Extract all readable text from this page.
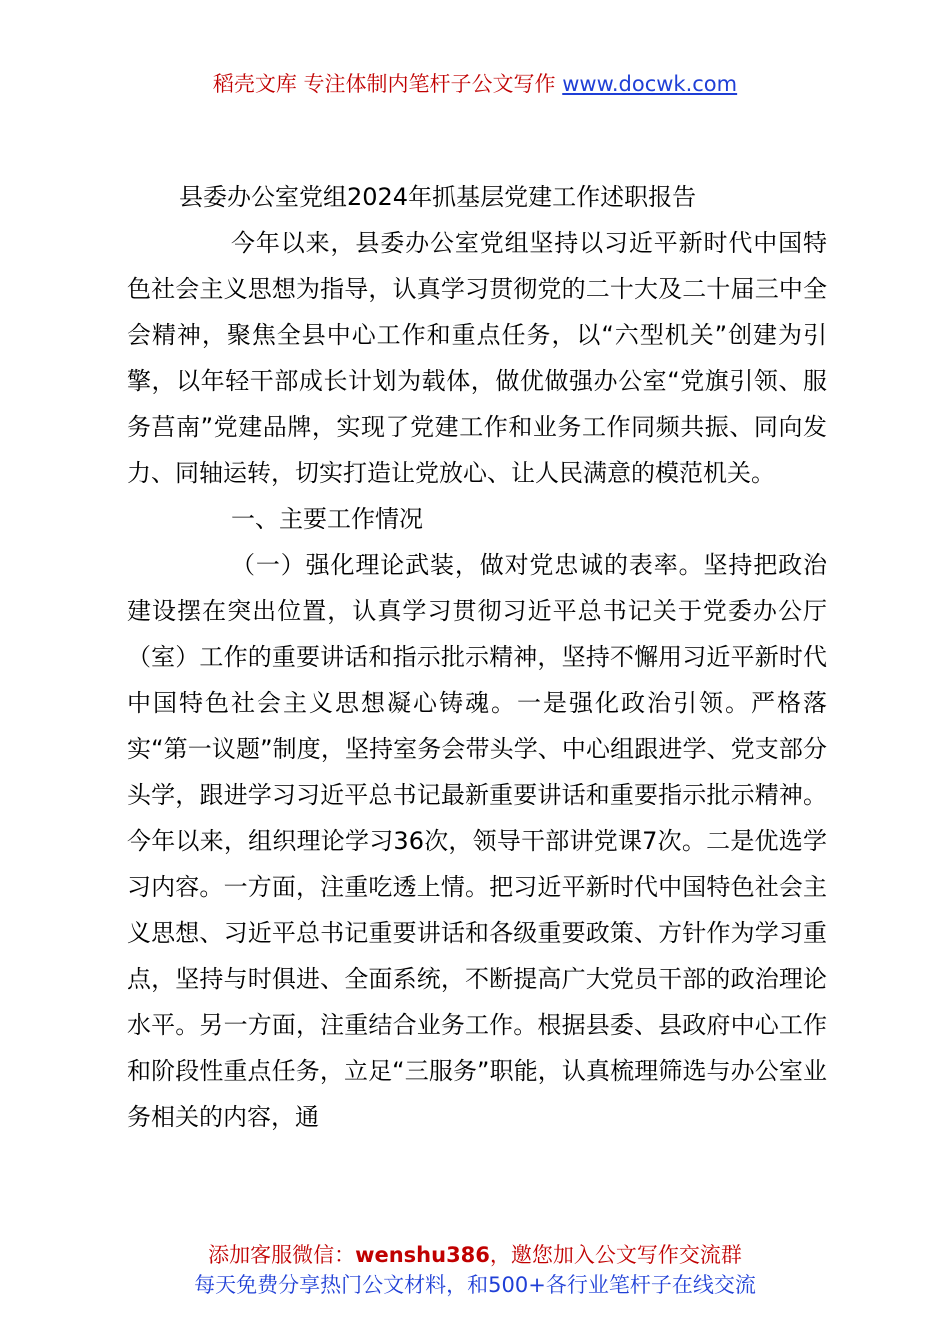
稻壳文库 专注体制内笔杆子公文写作 www.docwk.com
县委办公室党组2024年抓基层党建工作述职报告

今年以来，县委办公室党组坚持以习近平新时代中国特色社会主义思想为指导，认真学习贯彻党的二十大及二十届三中全会精神，聚焦全县中心工作和重点任务，以“六型机关”创建为引擎，以年轻干部成长计划为载体，做优做强办公室“党旗引领、服务莒南”党建品牌，实现了党建工作和业务工作同频共振、同向发力、同轴运转，切实打造让党放心、让人民满意的模范机关。

一、主要工作情况

（一）强化理论武装，做对党忠诚的表率。坚持把政治建设摆在突出位置，认真学习贯彻习近平总书记关于党委办公厅（室）工作的重要讲话和指示批示精神，坚持不懈用习近平新时代中国特色社会主义思想凝心铸魂。一是强化政治引领。严格落实“第一议题”制度，坚持室务会带头学、中心组跟进学、党支部分头学，跟进学习习近平总书记最新重要讲话和重要指示批示精神。今年以来，组织理论学习36次，领导干部讲党课7次。二是优选学习内容。一方面，注重吃透上情。把习近平新时代中国特色社会主义思想、习近平总书记重要讲话和各级重要政策、方针作为学习重点，坚持与时俱进、全面系统，不断提高广大党员干部的政治理论水平。另一方面，注重结合业务工作。根据县委、县政府中心工作和阶段性重点任务，立足“三服务”职能，认真梳理筛选与办公室业务相关的内容，通

添加客服微信：wenshu386，邀您加入公文写作交流群
每天免费分享热门公文材料，和500+各行业笔杆子在线交流
